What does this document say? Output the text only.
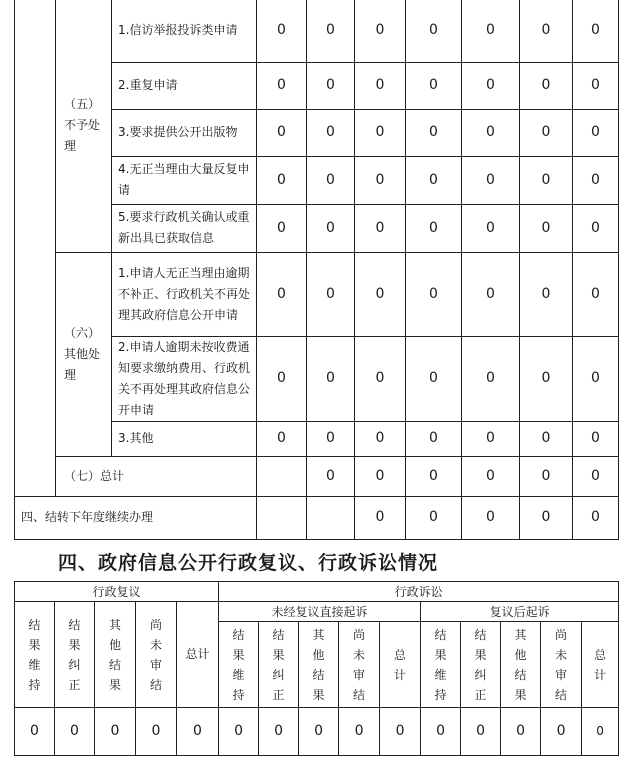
	（五）不予处理	1.信访举报投诉类申请	0	0	0	0	0	0	0
		2.重复申请	0	0	0	0	0	0	0
		3.要求提供公开出版物	0	0	0	0	0	0	0
		4.无正当理由大量反复申请	0	0	0	0	0	0	0
		5.要求行政机关确认或重新出具已获取信息	0	0	0	0	0	0	0
	（六）其他处理	1.申请人无正当理由逾期不补正、行政机关不再处理其政府信息公开申请	0	0	0	0	0	0	0
		2.申请人逾期未按收费通知要求缴纳费用、行政机关不再处理其政府信息公开申请	0	0	0	0	0	0	0
		3.其他	0	0	0	0	0	0	0
	（七）总计			0	0	0	0	0	0
四、结转下年度继续办理					0	0	0	0	0
四、政府信息公开行政复议、行政诉讼情况
行政复议					行政诉讼									
结果维持	结果纠正	其他结果	尚未审结	总计	未经复议直接起诉					复议后起诉				
					结果维持	结果纠正	其他结果	尚未审结	总计	结果维持	结果纠正	其他结果	尚未审结	总计
0	0	0	0	0	0	0	0	0	0	0	0	0	0	0
